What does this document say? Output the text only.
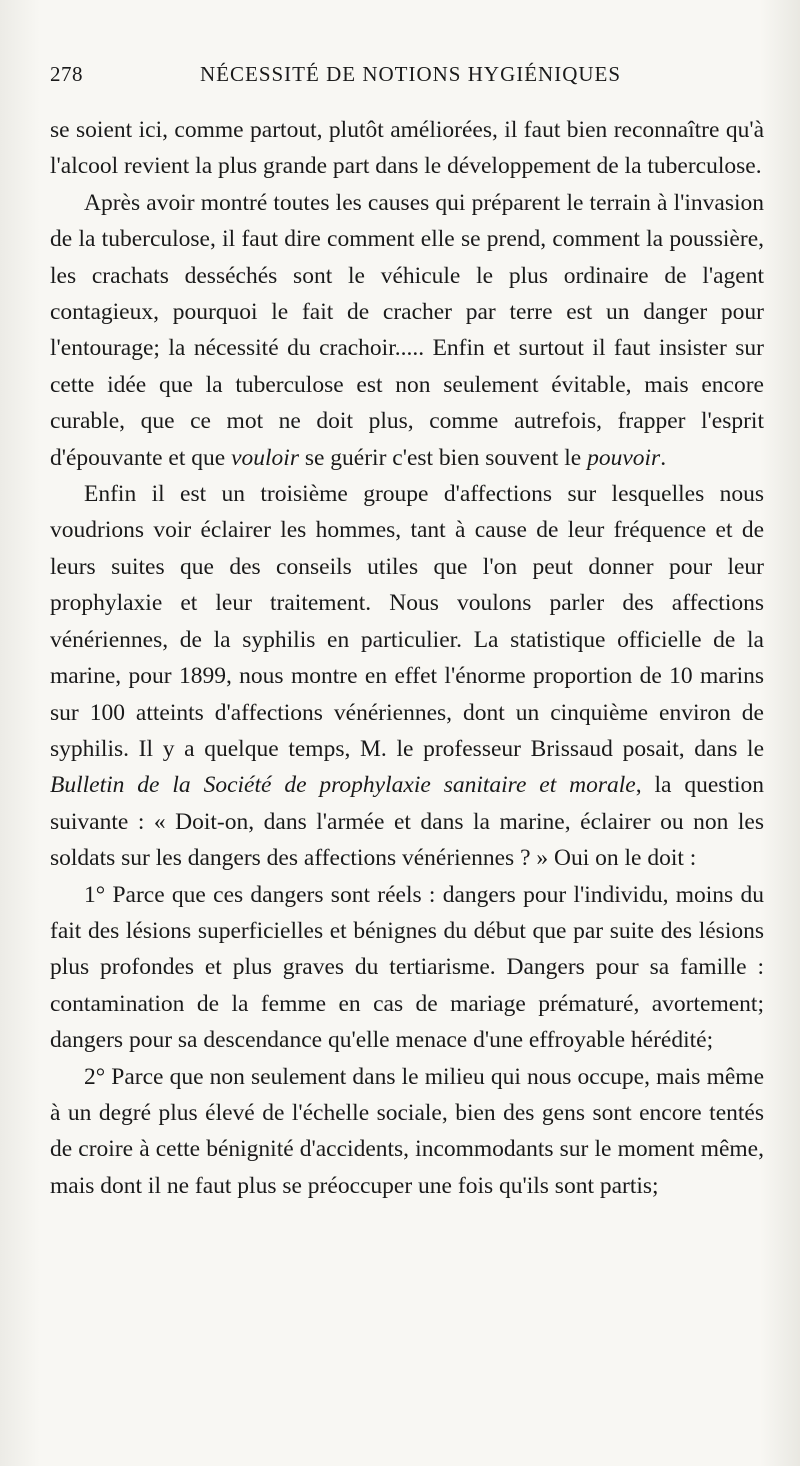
278	NÉCESSITÉ DE NOTIONS HYGIÉNIQUES

se soient ici, comme partout, plutôt améliorées, il faut bien reconnaître qu'à l'alcool revient la plus grande part dans le développement de la tuberculose.

Après avoir montré toutes les causes qui préparent le terrain à l'invasion de la tuberculose, il faut dire comment elle se prend, comment la poussière, les crachats desséchés sont le véhicule le plus ordinaire de l'agent contagieux, pourquoi le fait de cracher par terre est un danger pour l'entourage; la nécessité du crachoir..... Enfin et surtout il faut insister sur cette idée que la tuberculose est non seulement évitable, mais encore curable, que ce mot ne doit plus, comme autrefois, frapper l'esprit d'épouvante et que vouloir se guérir c'est bien souvent le pouvoir.

Enfin il est un troisième groupe d'affections sur lesquelles nous voudrions voir éclairer les hommes, tant à cause de leur fréquence et de leurs suites que des conseils utiles que l'on peut donner pour leur prophylaxie et leur traitement. Nous voulons parler des affections vénériennes, de la syphilis en particulier. La statistique officielle de la marine, pour 1899, nous montre en effet l'énorme proportion de 10 marins sur 100 atteints d'affections vénériennes, dont un cinquième environ de syphilis. Il y a quelque temps, M. le professeur Brissaud posait, dans le Bulletin de la Société de prophylaxie sanitaire et morale, la question suivante : « Doit-on, dans l'armée et dans la marine, éclairer ou non les soldats sur les dangers des affections vénériennes ? » Oui on le doit :

1° Parce que ces dangers sont réels : dangers pour l'individu, moins du fait des lésions superficielles et bénignes du début que par suite des lésions plus profondes et plus graves du tertiarisme. Dangers pour sa famille : contamination de la femme en cas de mariage prématuré, avortement; dangers pour sa descendance qu'elle menace d'une effroyable hérédité;

2° Parce que non seulement dans le milieu qui nous occupe, mais même à un degré plus élevé de l'échelle sociale, bien des gens sont encore tentés de croire à cette bénignité d'accidents, incommodants sur le moment même, mais dont il ne faut plus se préoccuper une fois qu'ils sont partis;
